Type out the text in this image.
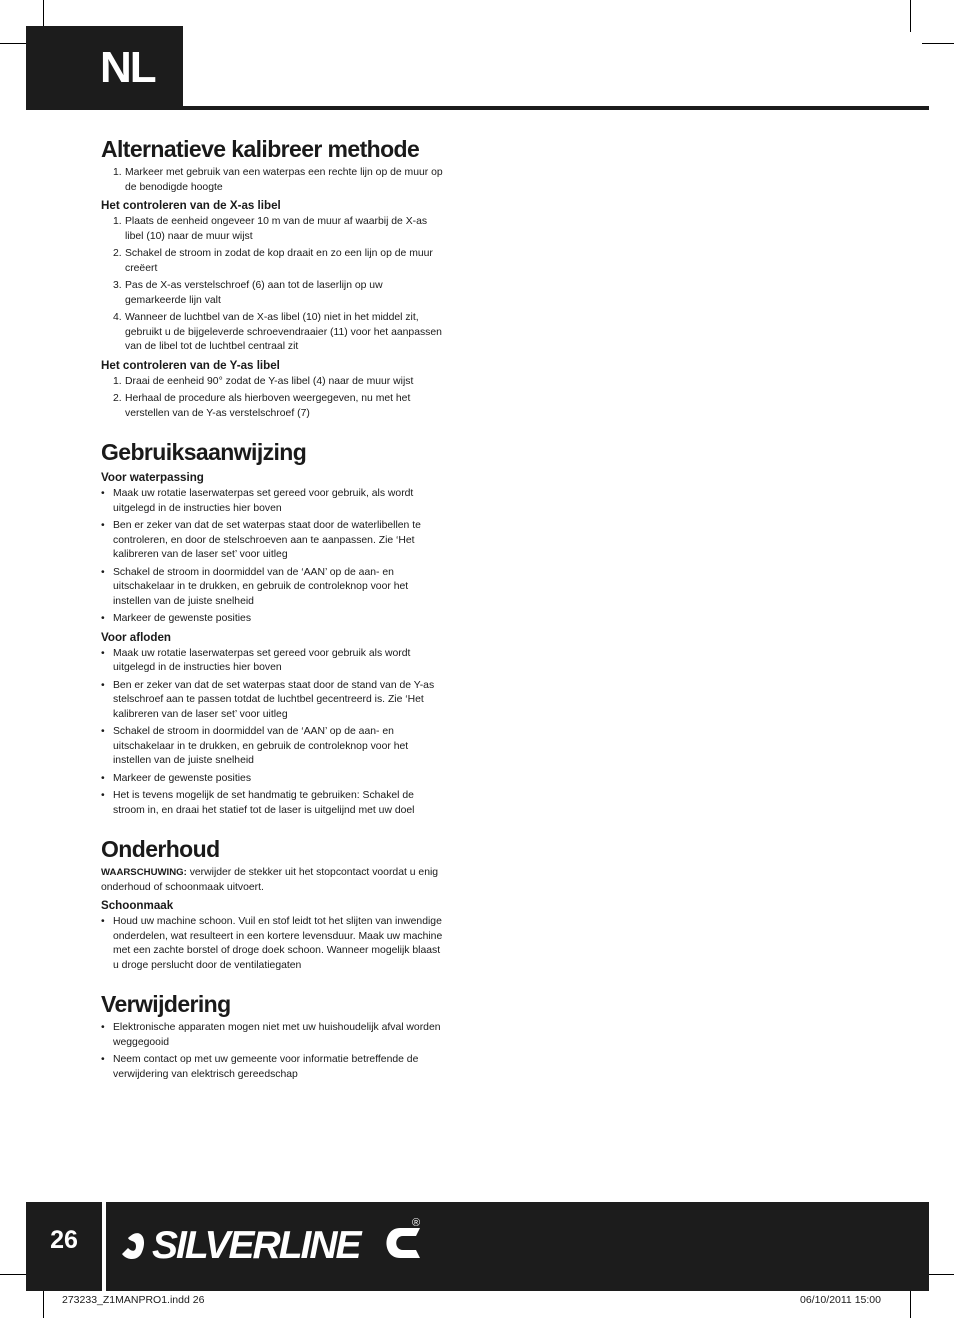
NL
Alternatieve kalibreer methode
1. Markeer met gebruik van een waterpas een rechte lijn op de muur op de benodigde hoogte
Het controleren van de X-as libel
1. Plaats de eenheid ongeveer 10 m van de muur af waarbij de X-as libel (10) naar de muur wijst
2. Schakel de stroom in zodat de kop draait en zo een lijn op de muur creëert
3. Pas de X-as verstelschroef (6) aan tot de laserlijn op uw gemarkeerde lijn valt
4. Wanneer de luchtbel van de X-as libel (10) niet in het middel zit, gebruikt u de bijgeleverde schroevendraaier (11) voor het aanpassen van de libel tot de luchtbel centraal zit
Het controleren van de Y-as libel
1. Draai de eenheid 90° zodat de Y-as libel (4) naar de muur wijst
2. Herhaal de procedure als hierboven weergegeven, nu met het verstellen van de Y-as verstelschroef (7)
Gebruiksaanwijzing
Voor waterpassing
• Maak uw rotatie laserwaterpas set gereed voor gebruik, als wordt uitgelegd in de instructies hier boven
• Ben er zeker van dat de set waterpas staat door de waterlibellen te controleren, en door de stelschroeven aan te aanpassen. Zie ‘Het kalibreren van de laser set’ voor uitleg
• Schakel de stroom in doormiddel van de ‘AAN’ op de aan- en uitschakelaar in te drukken, en gebruik de controleknop voor het instellen van de juiste snelheid
• Markeer de gewenste posities
Voor afloden
• Maak uw rotatie laserwaterpas set gereed voor gebruik als wordt uitgelegd in de instructies hier boven
• Ben er zeker van dat de set waterpas staat door de stand van de Y-as stelschroef aan te passen totdat de luchtbel gecentreerd is. Zie ‘Het kalibreren van de laser set’ voor uitleg
• Schakel de stroom in doormiddel van de ‘AAN’ op de aan- en uitschakelaar in te drukken, en gebruik de controleknop voor het instellen van de juiste snelheid
• Markeer de gewenste posities
• Het is tevens mogelijk de set handmatig te gebruiken: Schakel de stroom in, en draai het statief tot de laser is uitgelijnd met uw doel
Onderhoud
WAARSCHUWING: verwijder de stekker uit het stopcontact voordat u enig onderhoud of schoonmaak uitvoert.
Schoonmaak
• Houd uw machine schoon. Vuil en stof leidt tot het slijten van inwendige onderdelen, wat resulteert in een kortere levensduur. Maak uw machine met een zachte borstel of droge doek schoon. Wanneer mogelijk blaast u droge perslucht door de ventilatiegaten
Verwijdering
• Elektronische apparaten mogen niet met uw huishoudelijk afval worden weggegooid
• Neem contact op met uw gemeente voor informatie betreffende de verwijdering van elektrisch gereedschap
26	SILVERLINE
®
273233_Z1MANPRO1.indd 26	06/10/2011 15:00
